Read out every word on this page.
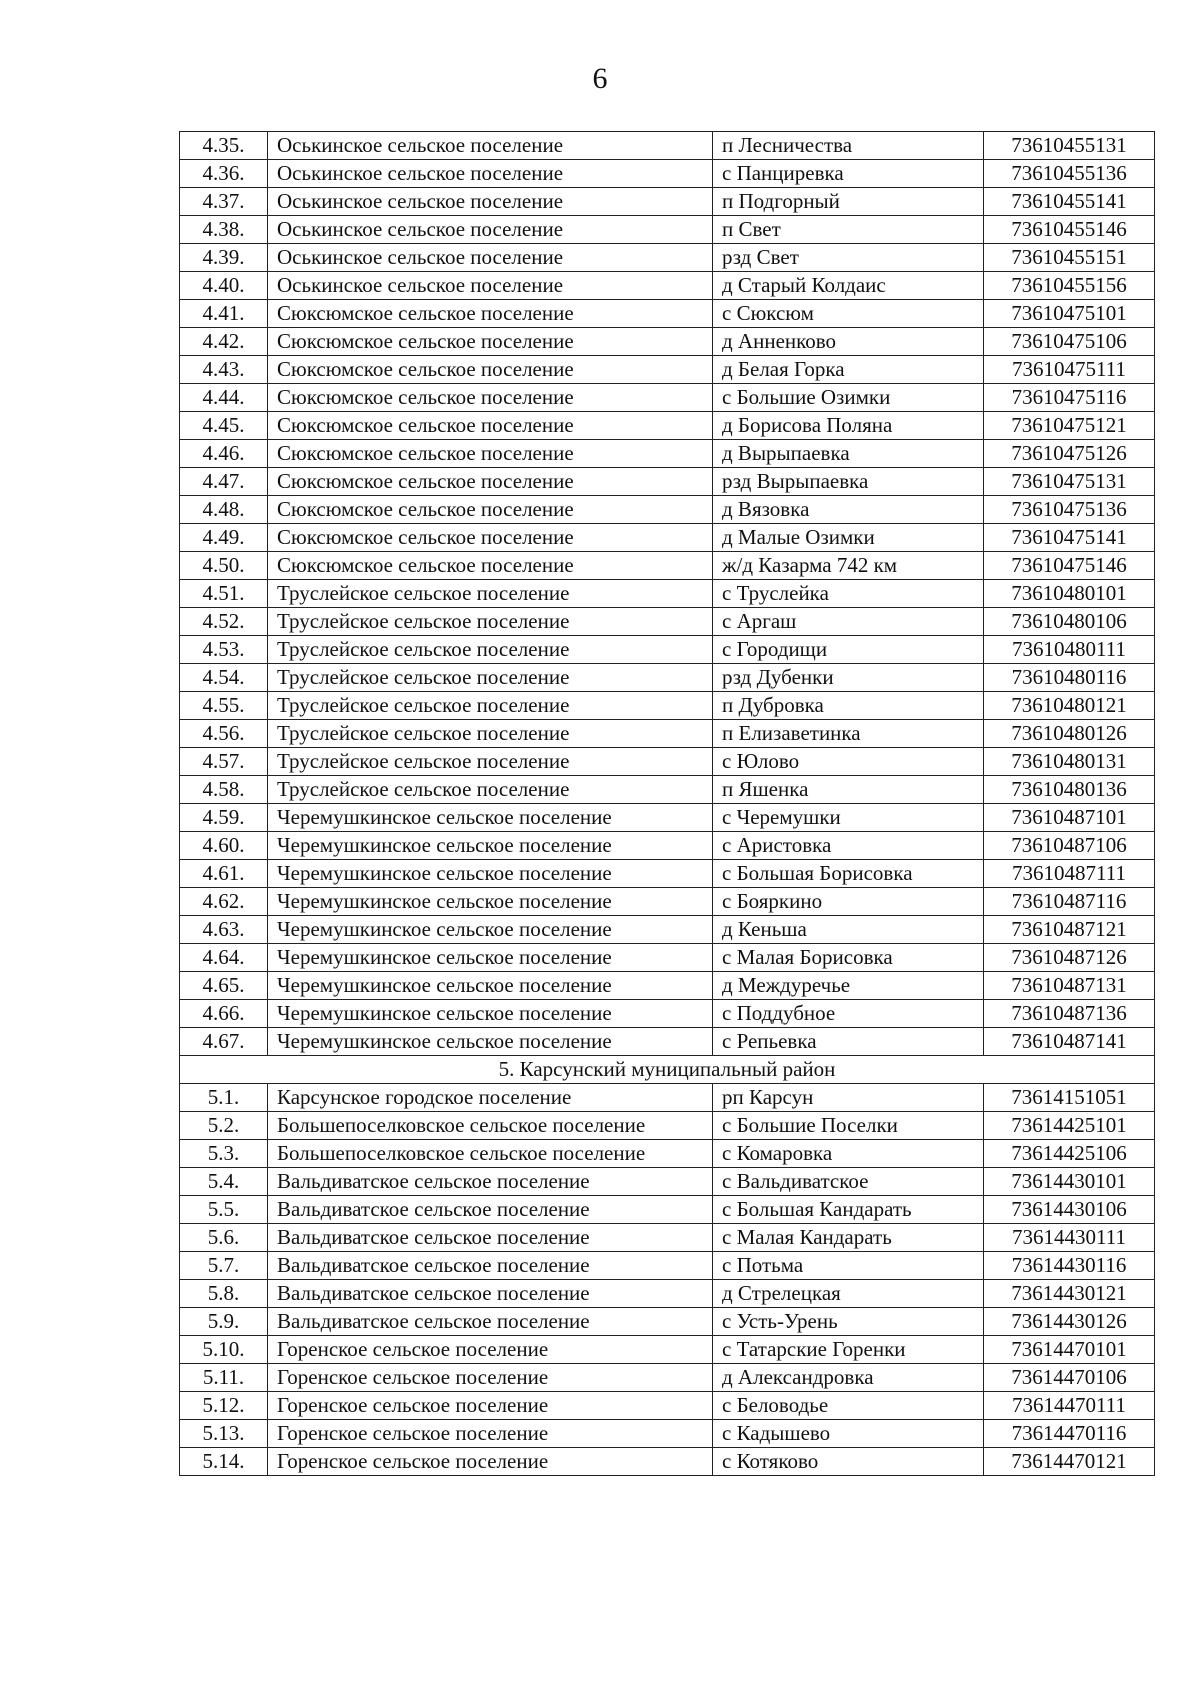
6
4.35.	Оськинское сельское поселение	п Лесничества	73610455131
4.36.	Оськинское сельское поселение	с Панциревка	73610455136
4.37.	Оськинское сельское поселение	п Подгорный	73610455141
4.38.	Оськинское сельское поселение	п Свет	73610455146
4.39.	Оськинское сельское поселение	рзд Свет	73610455151
4.40.	Оськинское сельское поселение	д Старый Колдаис	73610455156
4.41.	Сюксюмское сельское поселение	с Сюксюм	73610475101
4.42.	Сюксюмское сельское поселение	д Анненково	73610475106
4.43.	Сюксюмское сельское поселение	д Белая Горка	73610475111
4.44.	Сюксюмское сельское поселение	с Большие Озимки	73610475116
4.45.	Сюксюмское сельское поселение	д Борисова Поляна	73610475121
4.46.	Сюксюмское сельское поселение	д Вырыпаевка	73610475126
4.47.	Сюксюмское сельское поселение	рзд Вырыпаевка	73610475131
4.48.	Сюксюмское сельское поселение	д Вязовка	73610475136
4.49.	Сюксюмское сельское поселение	д Малые Озимки	73610475141
4.50.	Сюксюмское сельское поселение	ж/д Казарма 742 км	73610475146
4.51.	Труслейское сельское поселение	с Труслейка	73610480101
4.52.	Труслейское сельское поселение	с Аргаш	73610480106
4.53.	Труслейское сельское поселение	с Городищи	73610480111
4.54.	Труслейское сельское поселение	рзд Дубенки	73610480116
4.55.	Труслейское сельское поселение	п Дубровка	73610480121
4.56.	Труслейское сельское поселение	п Елизаветинка	73610480126
4.57.	Труслейское сельское поселение	с Юлово	73610480131
4.58.	Труслейское сельское поселение	п Яшенка	73610480136
4.59.	Черемушкинское сельское поселение	с Черемушки	73610487101
4.60.	Черемушкинское сельское поселение	с Аристовка	73610487106
4.61.	Черемушкинское сельское поселение	с Большая Борисовка	73610487111
4.62.	Черемушкинское сельское поселение	с Бояркино	73610487116
4.63.	Черемушкинское сельское поселение	д Кеньша	73610487121
4.64.	Черемушкинское сельское поселение	с Малая Борисовка	73610487126
4.65.	Черемушкинское сельское поселение	д Междуречье	73610487131
4.66.	Черемушкинское сельское поселение	с Поддубное	73610487136
4.67.	Черемушкинское сельское поселение	с Репьевка	73610487141
5. Карсунский муниципальный район			
5.1.	Карсунское городское поселение	рп Карсун	73614151051
5.2.	Большепоселковское сельское поселение	с Большие Поселки	73614425101
5.3.	Большепоселковское сельское поселение	с Комаровка	73614425106
5.4.	Вальдиватское сельское поселение	с Вальдиватское	73614430101
5.5.	Вальдиватское сельское поселение	с Большая Кандарать	73614430106
5.6.	Вальдиватское сельское поселение	с Малая Кандарать	73614430111
5.7.	Вальдиватское сельское поселение	с Потьма	73614430116
5.8.	Вальдиватское сельское поселение	д Стрелецкая	73614430121
5.9.	Вальдиватское сельское поселение	с Усть-Урень	73614430126
5.10.	Горенское сельское поселение	с Татарские Горенки	73614470101
5.11.	Горенское сельское поселение	д Александровка	73614470106
5.12.	Горенское сельское поселение	с Беловодье	73614470111
5.13.	Горенское сельское поселение	с Кадышево	73614470116
5.14.	Горенское сельское поселение	с Котяково	73614470121
